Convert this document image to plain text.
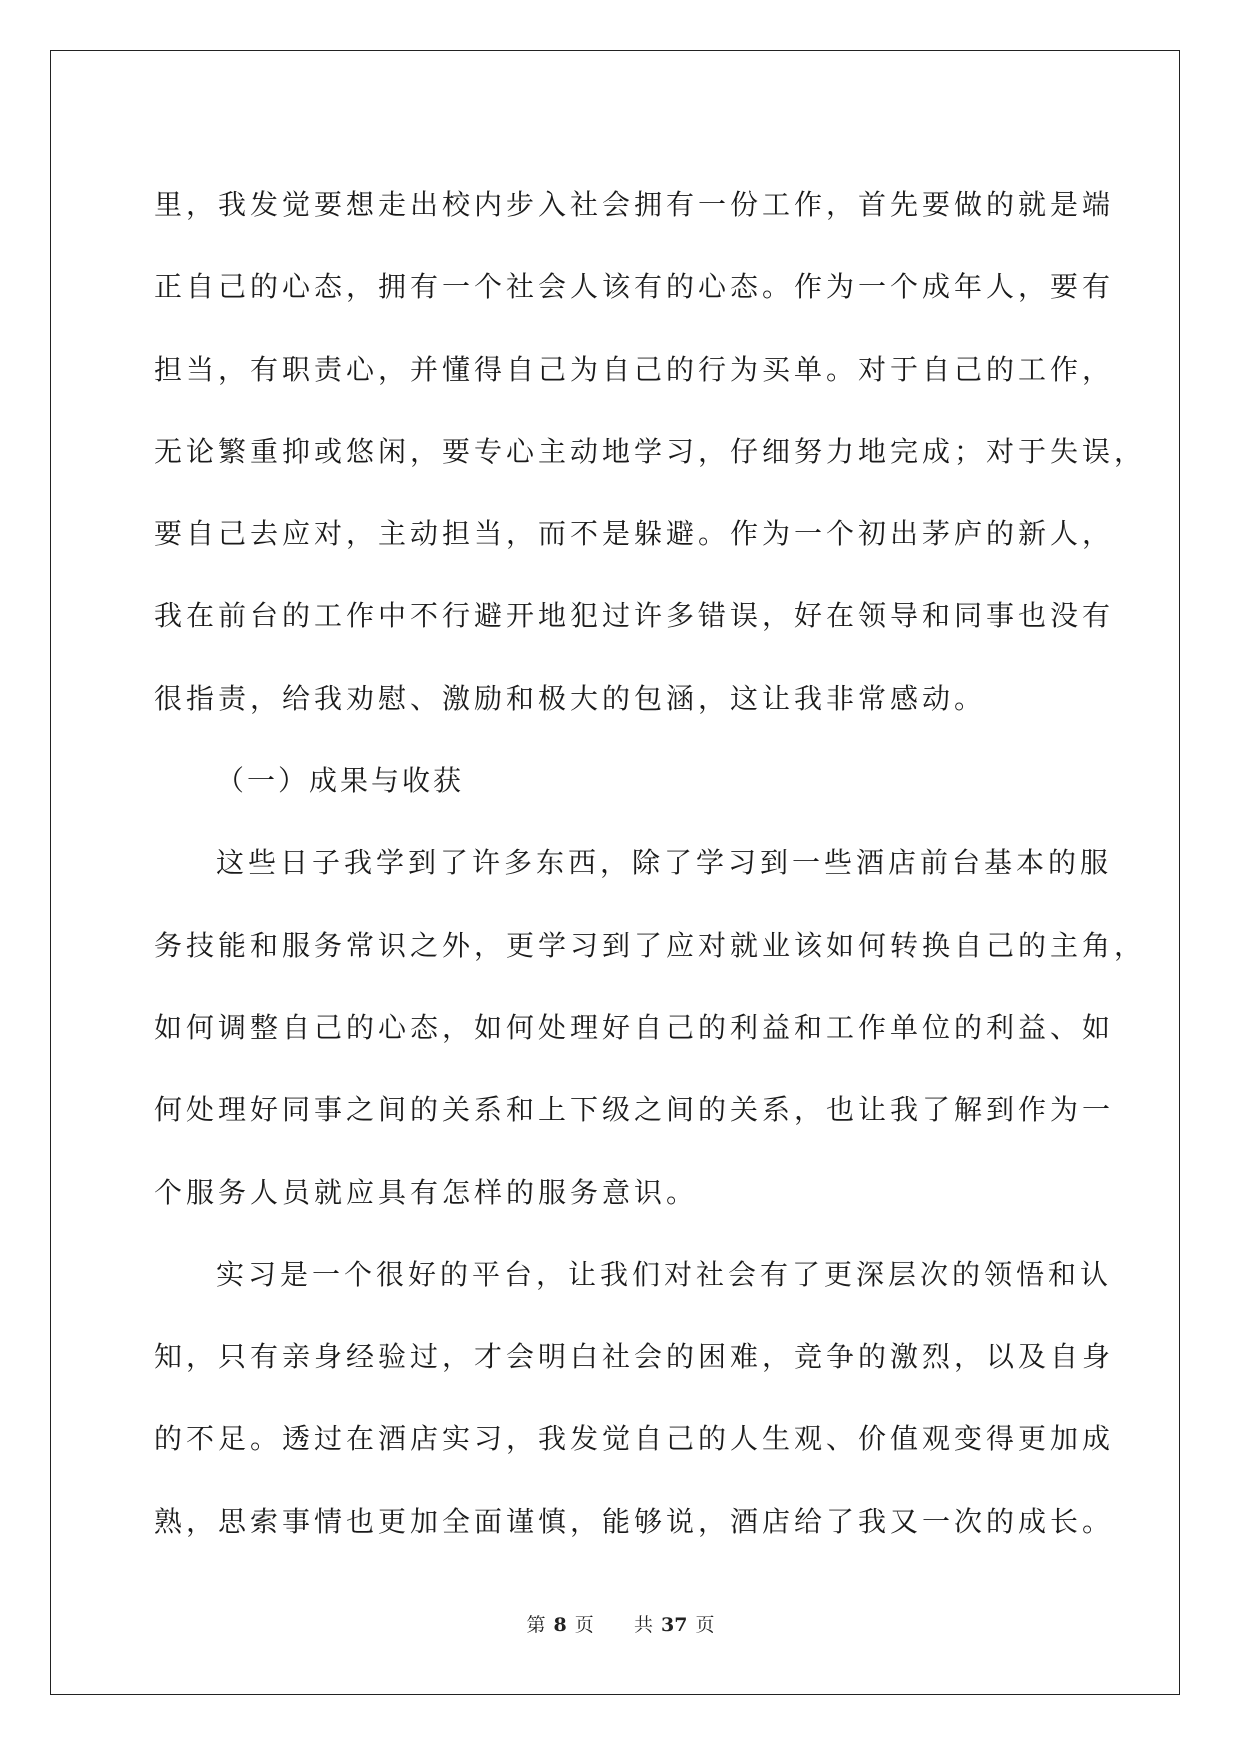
里，我发觉要想走出校内步入社会拥有一份工作，首先要做的就是端
正自己的心态，拥有一个社会人该有的心态。作为一个成年人，要有
担当，有职责心，并懂得自己为自己的行为买单。对于自己的工作，
无论繁重抑或悠闲，要专心主动地学习，仔细努力地完成；对于失误，
要自己去应对，主动担当，而不是躲避。作为一个初出茅庐的新人，
我在前台的工作中不行避开地犯过许多错误，好在领导和同事也没有
很指责，给我劝慰、激励和极大的包涵，这让我非常感动。
（一）成果与收获
这些日子我学到了许多东西，除了学习到一些酒店前台基本的服
务技能和服务常识之外，更学习到了应对就业该如何转换自己的主角，
如何调整自己的心态，如何处理好自己的利益和工作单位的利益、如
何处理好同事之间的关系和上下级之间的关系，也让我了解到作为一
个服务人员就应具有怎样的服务意识。
实习是一个很好的平台，让我们对社会有了更深层次的领悟和认
知，只有亲身经验过，才会明白社会的困难，竞争的激烈，以及自身
的不足。透过在酒店实习，我发觉自己的人生观、价值观变得更加成
熟，思索事情也更加全面谨慎，能够说，酒店给了我又一次的成长。
第 8 页 共 37 页
